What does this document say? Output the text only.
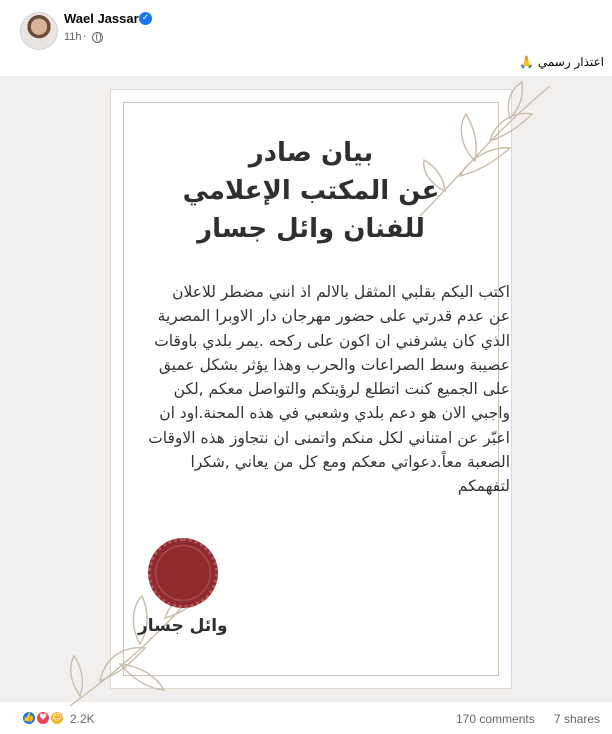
Wael Jassar ✓
11h ·
اعتذار رسمي 🙏
بيان صادر
عن المكتب الإعلامي
للفنان وائل جسار
اكتب اليكم بقلبي المثقل بالالم اذ انني مضطر للاعلان
عن عدم قدرتي على حضور مهرجان دار الاوبرا المصرية
الذي كان يشرفني ان اكون على ركحه .يمر بلدي باوقات
عصيبة وسط الصراعات والحرب وهذا يؤثر بشكل عميق
على الجميع كنت اتطلع لرؤيتكم والتواصل معكم ,لكن
واجبي الان هو دعم بلدي وشعبي في هذه المحنة.اود ان
اعبّر عن امتناني لكل منكم واتمنى ان نتجاوز هذه الاوقات
الصعبة معاً.دعواتي معكم ومع كل من يعاني ,شكرا
لتفهمكم
وائل جسار
👍 ♥ ☺ 2.2K	170 comments 7 shares
